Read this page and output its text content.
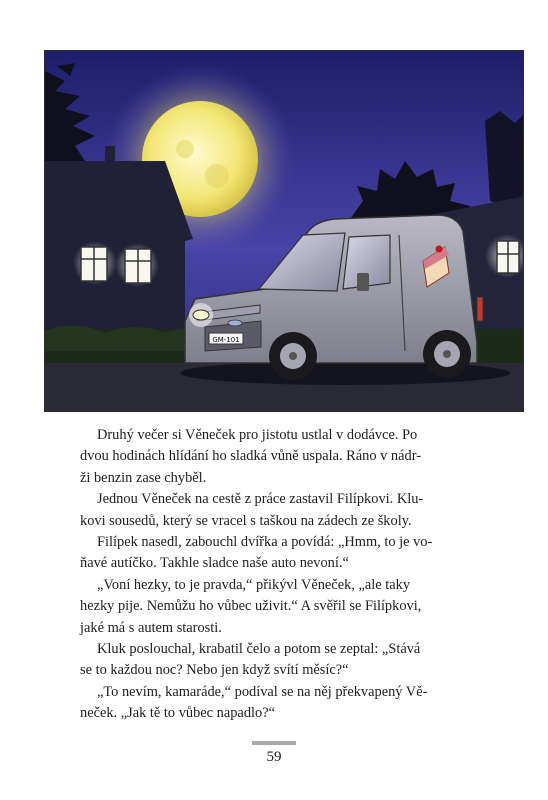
GM-101

Druhý večer si Věneček pro jistotu ustlal v dodávce. Po
dvou hodinách hlídání ho sladká vůně uspala. Ráno v nádr-
ži benzin zase chyběl.

Jednou Věneček na cestě z práce zastavil Filípkovi. Klu-
kovi sousedů, který se vracel s taškou na zádech ze školy.

Filípek nasedl, zabouchl dvířka a povídá: „Hmm, to je vo-
ňavé autíčko. Takhle sladce naše auto nevoní.“

„Voní hezky, to je pravda,“ přikývl Věneček, „ale taky
hezky pije. Nemůžu ho vůbec uživit.“ A svěřil se Filípkovi,
jaké má s autem starosti.

Kluk poslouchal, krabatil čelo a potom se zeptal: „Stává
se to každou noc? Nebo jen když svítí měsíc?“

„To nevím, kamaráde,“ podíval se na něj překvapený Vě-
neček. „Jak tě to vůbec napadlo?“

59
